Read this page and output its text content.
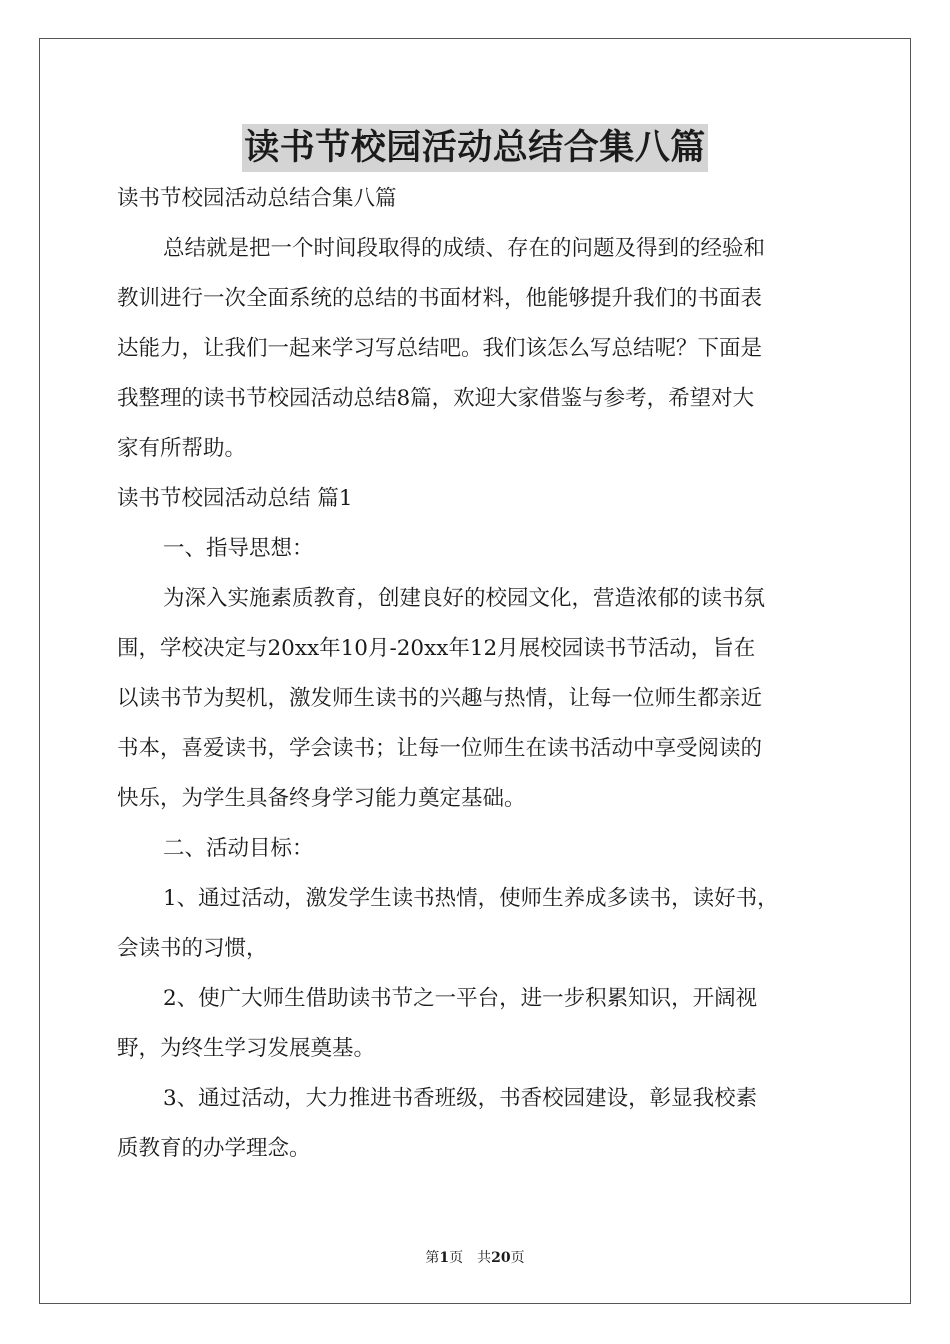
读书节校园活动总结合集八篇

读书节校园活动总结合集八篇

总结就是把一个时间段取得的成绩、存在的问题及得到的经验和

教训进行一次全面系统的总结的书面材料，他能够提升我们的书面表

达能力，让我们一起来学习写总结吧。我们该怎么写总结呢？下面是

我整理的读书节校园活动总结8篇，欢迎大家借鉴与参考，希望对大

家有所帮助。

读书节校园活动总结 篇1

一、指导思想：

为深入实施素质教育，创建良好的校园文化，营造浓郁的读书氛

围，学校决定与20xx年10月-20xx年12月展校园读书节活动，旨在

以读书节为契机，激发师生读书的兴趣与热情，让每一位师生都亲近

书本，喜爱读书，学会读书；让每一位师生在读书活动中享受阅读的

快乐，为学生具备终身学习能力奠定基础。

二、活动目标：

1、通过活动，激发学生读书热情，使师生养成多读书，读好书，

会读书的习惯，

2、使广大师生借助读书节之一平台，进一步积累知识，开阔视

野，为终生学习发展奠基。

3、通过活动，大力推进书香班级，书香校园建设，彰显我校素

质教育的办学理念。

第1页　共20页
